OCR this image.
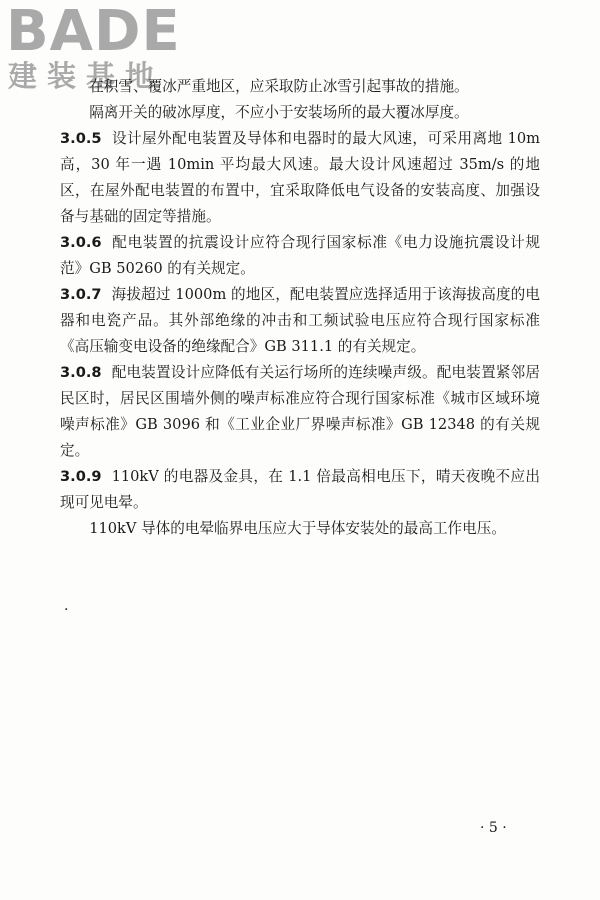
BADE
建装基地

在积雪、覆冰严重地区，应采取防止冰雪引起事故的措施。

隔离开关的破冰厚度，不应小于安装场所的最大覆冰厚度。

3.0.5 设计屋外配电装置及导体和电器时的最大风速，可采用离地 10m 高，30 年一遇 10min 平均最大风速。最大设计风速超过 35m/s 的地区，在屋外配电装置的布置中，宜采取降低电气设备的安装高度、加强设备与基础的固定等措施。

3.0.6 配电装置的抗震设计应符合现行国家标准《电力设施抗震设计规范》GB 50260 的有关规定。

3.0.7 海拔超过 1000m 的地区，配电装置应选择适用于该海拔高度的电器和电瓷产品。其外部绝缘的冲击和工频试验电压应符合现行国家标准《高压输变电设备的绝缘配合》GB 311.1 的有关规定。

3.0.8 配电装置设计应降低有关运行场所的连续噪声级。配电装置紧邻居民区时，居民区围墙外侧的噪声标准应符合现行国家标准《城市区域环境噪声标准》GB 3096 和《工业企业厂界噪声标准》GB 12348 的有关规定。

3.0.9 110kV 的电器及金具，在 1.1 倍最高相电压下，晴天夜晚不应出现可见电晕。

110kV 导体的电晕临界电压应大于导体安装处的最高工作电压。

.
· 5 ·
